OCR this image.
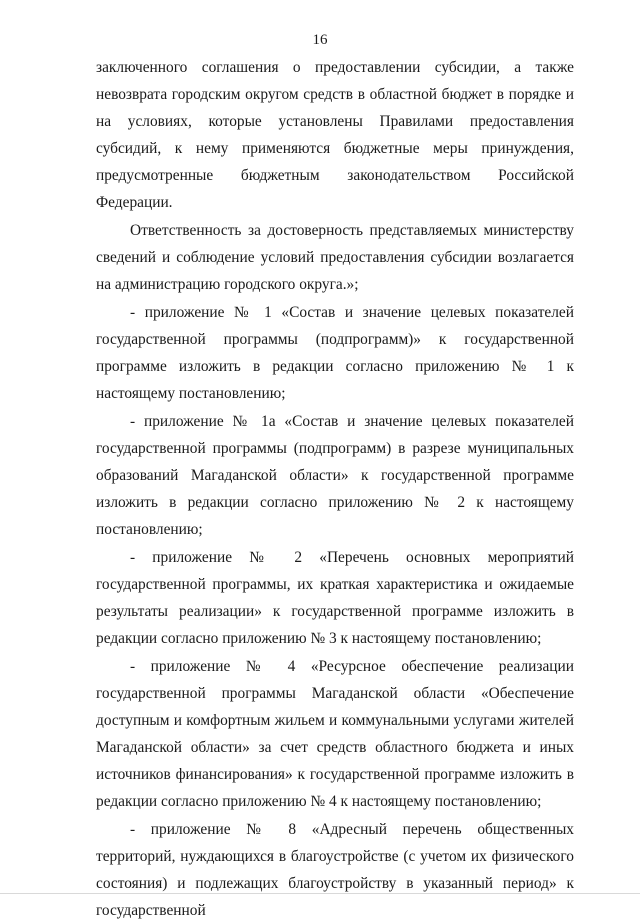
16

заключенного соглашения о предоставлении субсидии, а также невозврата городским округом средств в областной бюджет в порядке и на условиях, которые установлены Правилами предоставления субсидий, к нему применяются бюджетные меры принуждения, предусмотренные бюджетным законодательством Российской Федерации.

Ответственность за достоверность представляемых министерству сведений и соблюдение условий предоставления субсидии возлагается на администрацию городского округа.»;

- приложение № 1 «Состав и значение целевых показателей государственной программы (подпрограмм)» к государственной программе изложить в редакции согласно приложению № 1 к настоящему постановлению;

- приложение № 1а «Состав и значение целевых показателей государственной программы (подпрограмм) в разрезе муниципальных образований Магаданской области» к государственной программе изложить в редакции согласно приложению № 2 к настоящему постановлению;

- приложение № 2 «Перечень основных мероприятий государственной программы, их краткая характеристика и ожидаемые результаты реализации» к государственной программе изложить в редакции согласно приложению № 3 к настоящему постановлению;

- приложение № 4 «Ресурсное обеспечение реализации государственной программы Магаданской области «Обеспечение доступным и комфортным жильем и коммунальными услугами жителей Магаданской области» за счет средств областного бюджета и иных источников финансирования» к государственной программе изложить в редакции согласно приложению № 4 к настоящему постановлению;

- приложение № 8 «Адресный перечень общественных территорий, нуждающихся в благоустройстве (с учетом их физического состояния) и подлежащих благоустройству в указанный период» к государственной
